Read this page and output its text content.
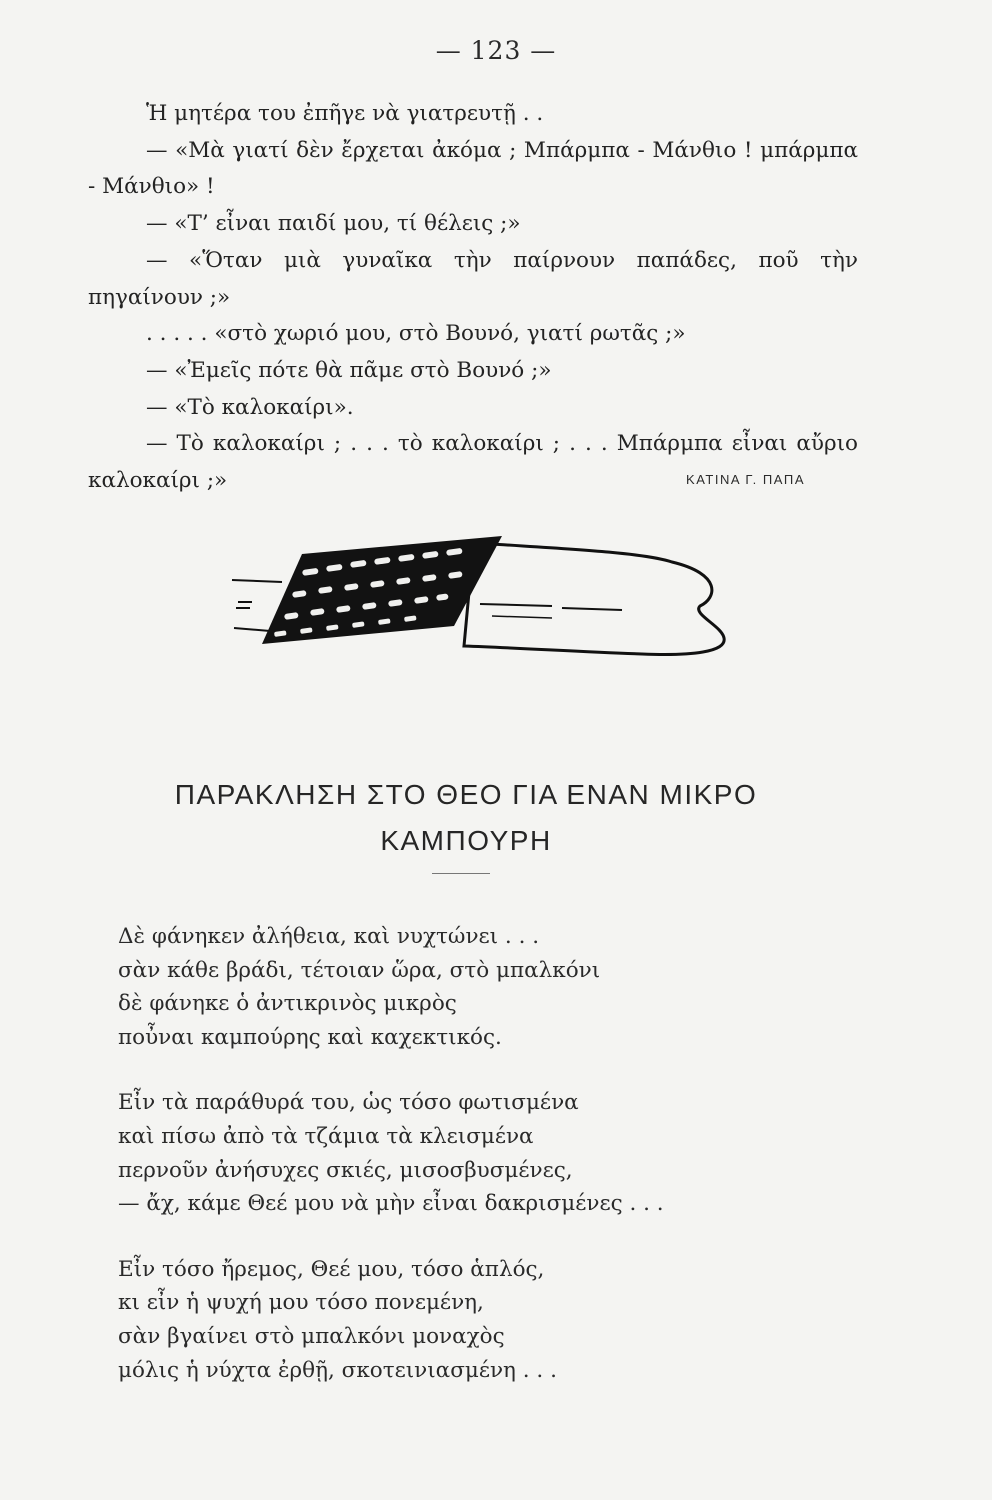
— 123 —

Ἡ μητέρα του ἐπῆγε νὰ γιατρευτῇ . .

— «Μὰ γιατί δὲν ἔρχεται ἀκόμα ; Μπάρμπα - Μάνθιο ! μπάρμπα - Μάνθιο» !

— «Τ’ εἶναι παιδί μου, τί θέλεις ;»

— «Ὅταν μιὰ γυναῖκα τὴν παίρνουν παπάδες, ποῦ τὴν πηγαίνουν ;»

. . . . . «στὸ χωριό μου, στὸ Βουνό, γιατί ρωτᾶς ;»

— «Ἐμεῖς πότε θὰ πᾶμε στὸ Βουνό ;»

— «Τὸ καλοκαίρι».

— Τὸ καλοκαίρι ; . . . τὸ καλοκαίρι ; . . . Μπάρμπα εἶναι αὔριο καλοκαίρι ;»	ΚΑΤΙΝΑ Γ. ΠΑΠΑ
ΠΑΡΑΚΛΗΣΗ ΣΤΟ ΘΕΟ ΓΙΑ ΕΝΑΝ ΜΙΚΡΟ
ΚΑΜΠΟΥΡΗ
Δὲ φάνηκεν ἀλήθεια, καὶ νυχτώνει . . .
σὰν κάθε βράδι, τέτοιαν ὥρα, στὸ μπαλκόνι
δὲ φάνηκε ὁ ἀντικρινὸς μικρὸς
ποὖναι καμπούρης καὶ καχεκτικός.
Εἶν τὰ παράθυρά του, ὡς τόσο φωτισμένα
καὶ πίσω ἀπὸ τὰ τζάμια τὰ κλεισμένα
περνοῦν ἀνήσυχες σκιές, μισοσβυσμένες,
— ἄχ, κάμε Θεέ μου νὰ μὴν εἶναι δακρισμένες . . .
Εἶν τόσο ἤρεμος, Θεέ μου, τόσο ἁπλός,
κι εἶν ἡ ψυχή μου τόσο πονεμένη,
σὰν βγαίνει στὸ μπαλκόνι μοναχὸς
μόλις ἡ νύχτα ἐρθῇ, σκοτεινιασμένη . . .
